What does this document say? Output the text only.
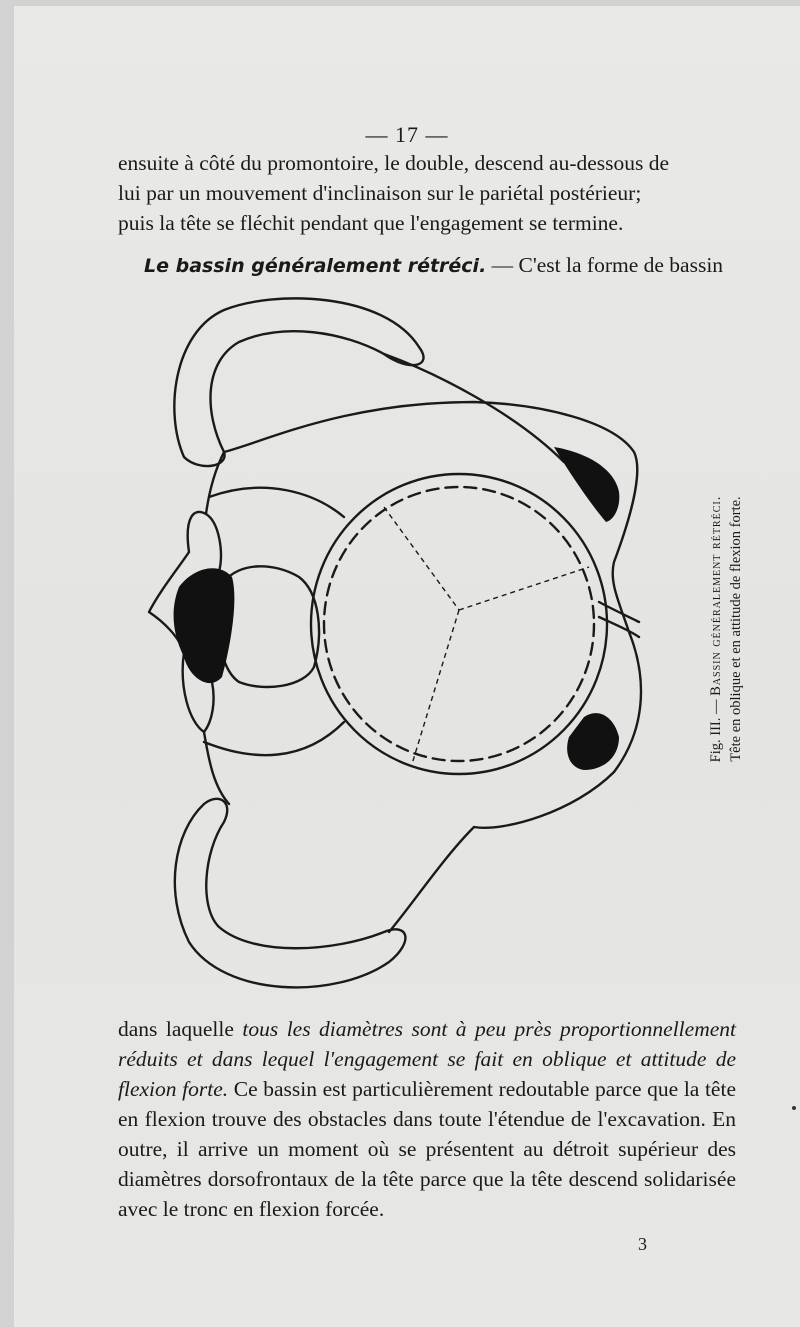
— 17 —

ensuite à côté du promontoire, le double, descend au-dessous de

lui par un mouvement d'inclinaison sur le pariétal postérieur;

puis la tête se fléchit pendant que l'engagement se termine.

Le bassin généralement rétréci. — C'est la forme de bassin
Fig. III. — Bassin généralement rétréci. Tête en oblique et en attitude de flexion forte.

dans laquelle tous les diamètres sont à peu près proportionnellement réduits et dans lequel l'engagement se fait en oblique et attitude de flexion forte. Ce bassin est particulièrement redoutable parce que la tête en flexion trouve des obstacles dans toute l'étendue de l'excavation. En outre, il arrive un moment où se présentent au détroit supérieur des diamètres dorsofrontaux de la tête parce que la tête descend solidarisée avec le tronc en flexion forcée.

3
